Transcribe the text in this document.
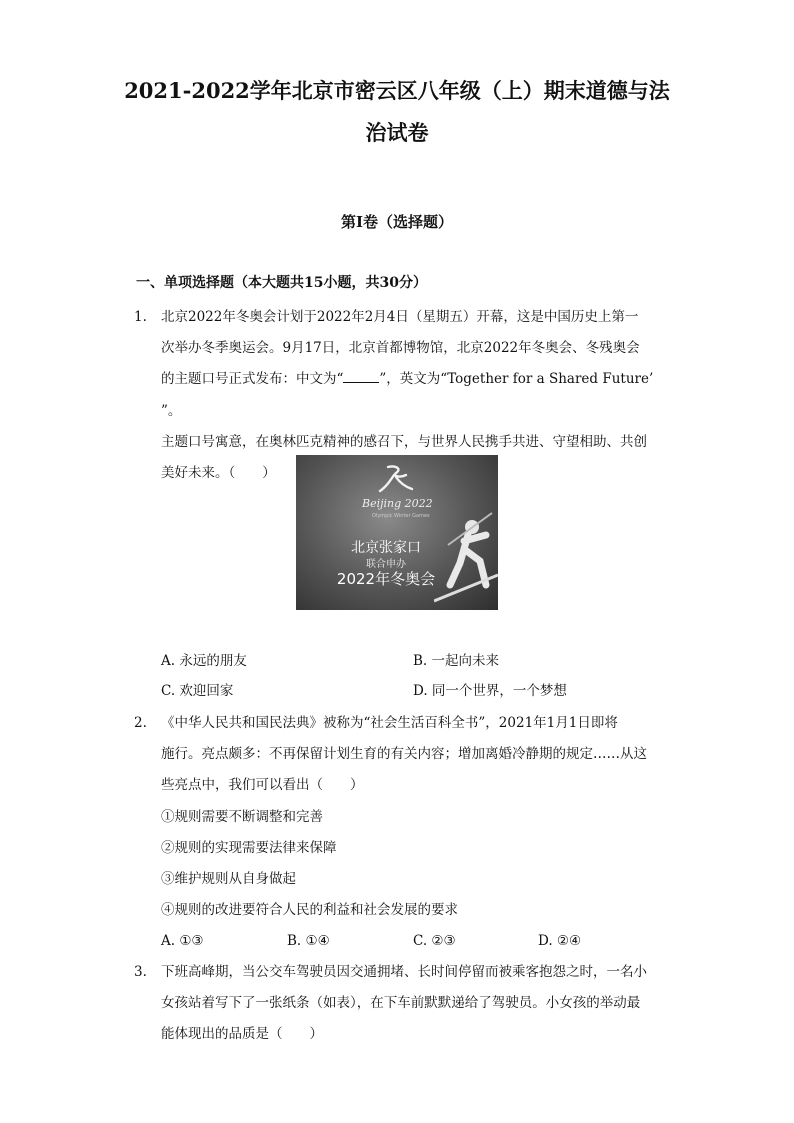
2021-2022学年北京市密云区八年级（上）期末道德与法
治试卷
第I卷（选择题）
一、单项选择题（本大题共15小题，共30分）
1. 北京2022年冬奥会计划于2022年2月4日（星期五）开幕，这是中国历史上第一

次举办冬季奥运会。9月17日，北京首都博物馆，北京2022年冬奥会、冬残奥会

的主题口号正式发布：中文为“	”，英文为“Together for a Shared Future’ ”。

主题口号寓意，在奥林匹克精神的感召下，与世界人民携手共进、守望相助、共创

美好未来。（　　）

Beijing 2022
Olympic Winter Games
北京张家口
联合申办
2022年冬奥会
A. 永远的朋友	B. 一起向未来
C. 欢迎回家	D. 同一个世界，一个梦想
2. 《中华人民共和国民法典》被称为“社会生活百科全书”，2021年1月1日即将

施行。亮点颇多：不再保留计划生育的有关内容；增加离婚冷静期的规定……从这

些亮点中，我们可以看出（　　）

①规则需要不断调整和完善

②规则的实现需要法律来保障

③维护规则从自身做起

④规则的改进要符合人民的利益和社会发展的要求

A. ①③	B. ①④	C. ②③	D. ②④
3. 下班高峰期，当公交车驾驶员因交通拥堵、长时间停留而被乘客抱怨之时，一名小

女孩站着写下了一张纸条（如表），在下车前默默递给了驾驶员。小女孩的举动最

能体现出的品质是（　　）
